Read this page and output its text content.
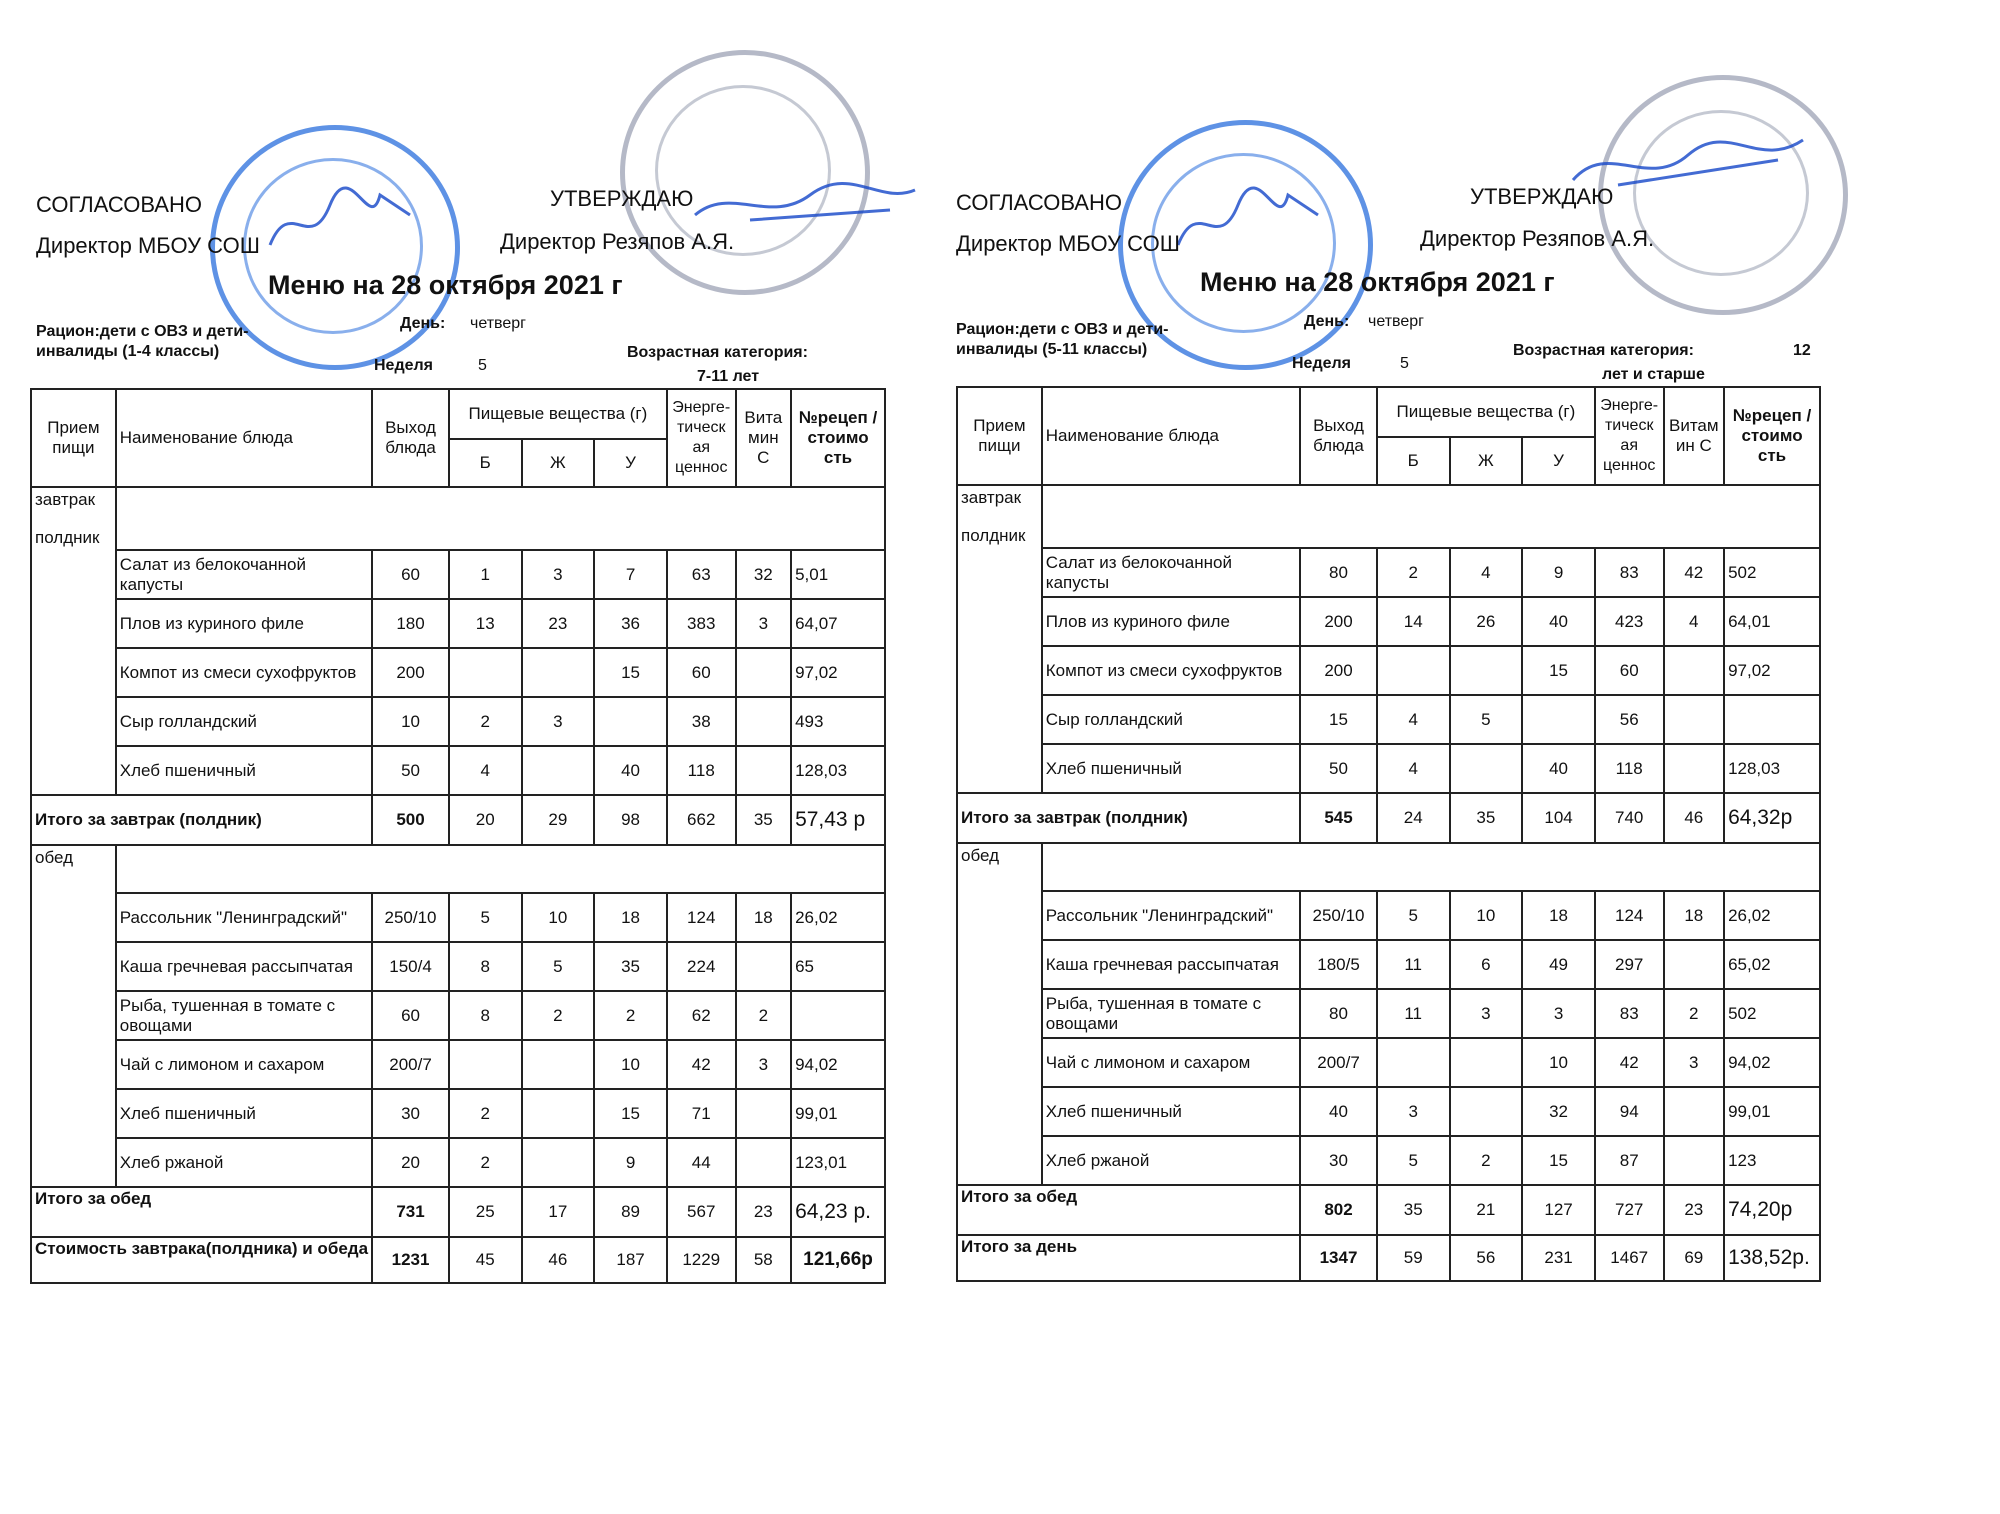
СОГЛАСОВАНО	УТВЕРЖДАЮ
Директор МБОУ СОШ	Директор Резяпов А.Я.
Меню на 28 октября 2021 г
Рацион:дети с ОВЗ и дети-инвалиды (1-4 классы)
День: четверг
Неделя	5
Возрастная категория:
7-11 лет
Прием пищи	Наименование блюда	Выход блюда	Пищевые вещества (г)			Энерге-тическ ая ценнос	Вита мин С	№рецеп /стоимо сть
			Б	Ж	У			
завтрак
полдник								

	Салат из белокочанной капусты	60	1	3	7	63	32	5,01
	Плов из куриного филе	180	13	23	36	383	3	64,07
	Компот из смеси сухофруктов	200			15	60		97,02
	Сыр голландский	10	2	3		38		493
	Хлеб пшеничный	50	4		40	118		128,03
Итого за завтрак (полдник)		500	20	29	98	662	35	57,43 р
обед								
	Рассольник "Ленинградский"	250/10	5	10	18	124	18	26,02
	Каша гречневая рассыпчатая	150/4	8	5	35	224		65
	Рыба, тушенная в томате с овощами	60	8	2	2	62	2	
	Чай с лимоном и сахаром	200/7			10	42	3	94,02
	Хлеб пшеничный	30	2		15	71		99,01
	Хлеб ржаной	20	2		9	44		123,01
Итого за обед		731	25	17	89	567	23	64,23 р.
Стоимость завтрака(полдника) и обеда		1231	45	46	187	1229	58	121,66р
СОГЛАСОВАНО	УТВЕРЖДАЮ
Директор МБОУ СОШ	Директор Резяпов А.Я.
Меню на 28 октября 2021 г
Рацион:дети с ОВЗ и дети-инвалиды (5-11 классы)
День: четверг
Неделя	5
Возрастная категория:	12
лет и старше
Прием пищи	Наименование блюда	Выход блюда	Пищевые вещества (г)			Энерге-тическ ая ценнос	Витам ин С	№рецеп /стоимо сть
			Б	Ж	У			
завтрак
полдник								

	Салат из белокочанной капусты	80	2	4	9	83	42	502
	Плов из куриного филе	200	14	26	40	423	4	64,01
	Компот из смеси сухофруктов	200			15	60		97,02
	Сыр голландский	15	4	5		56		
	Хлеб пшеничный	50	4		40	118		128,03
Итого за завтрак (полдник)		545	24	35	104	740	46	64,32р
обед								
	Рассольник "Ленинградский"	250/10	5	10	18	124	18	26,02
	Каша гречневая рассыпчатая	180/5	11	6	49	297		65,02
	Рыба, тушенная в томате с овощами	80	11	3	3	83	2	502
	Чай с лимоном и сахаром	200/7			10	42	3	94,02
	Хлеб пшеничный	40	3		32	94		99,01
	Хлеб ржаной	30	5	2	15	87		123
Итого за обед		802	35	21	127	727	23	74,20р
Итого за день		1347	59	56	231	1467	69	138,52р.
